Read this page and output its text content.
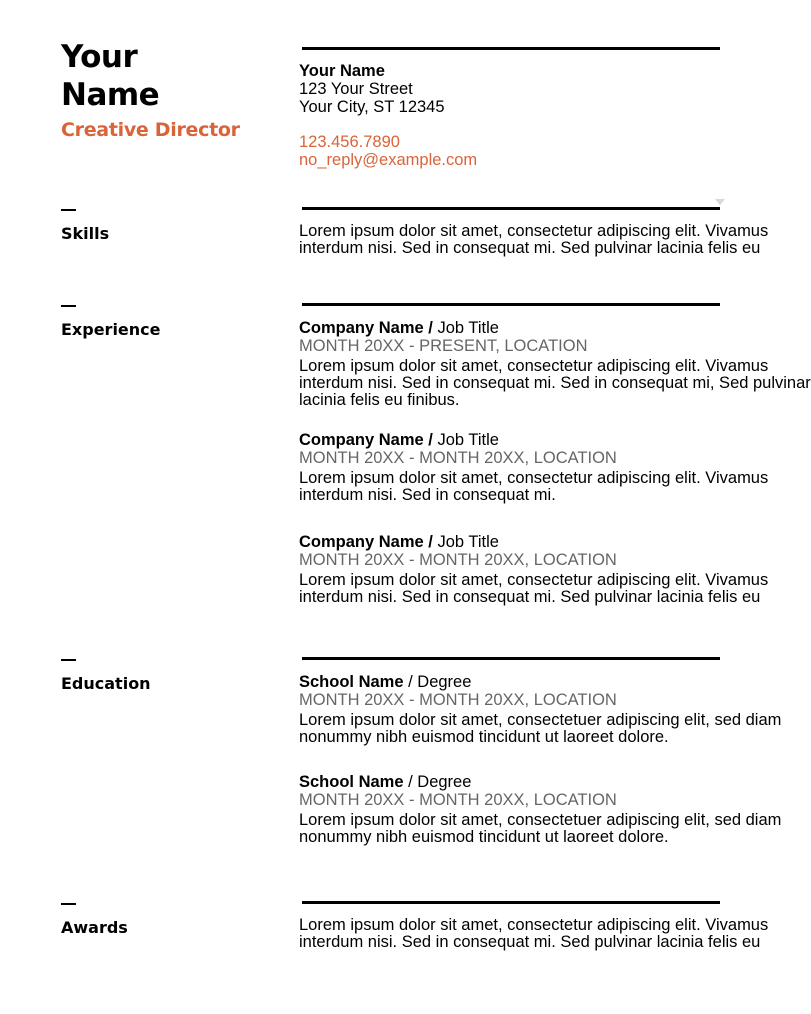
Your
Name
Creative Director
Your Name
123 Your Street
Your City, ST 12345
123.456.7890
no_reply@example.com
Skills	Lorem ipsum dolor sit amet, consectetur adipiscing elit. Vivamus
interdum nisi. Sed in consequat mi. Sed pulvinar lacinia felis eu
Experience	Company Name / Job Title
MONTH 20XX - PRESENT, LOCATION
Lorem ipsum dolor sit amet, consectetur adipiscing elit. Vivamus
interdum nisi. Sed in consequat mi. Sed in consequat mi, Sed pulvinar
lacinia felis eu finibus.
Company Name / Job Title
MONTH 20XX - MONTH 20XX, LOCATION
Lorem ipsum dolor sit amet, consectetur adipiscing elit. Vivamus
interdum nisi. Sed in consequat mi.
Company Name / Job Title
MONTH 20XX - MONTH 20XX, LOCATION
Lorem ipsum dolor sit amet, consectetur adipiscing elit. Vivamus
interdum nisi. Sed in consequat mi. Sed pulvinar lacinia felis eu
Education	School Name / Degree
MONTH 20XX - MONTH 20XX, LOCATION
Lorem ipsum dolor sit amet, consectetuer adipiscing elit, sed diam
nonummy nibh euismod tincidunt ut laoreet dolore.
School Name / Degree
MONTH 20XX - MONTH 20XX, LOCATION
Lorem ipsum dolor sit amet, consectetuer adipiscing elit, sed diam
nonummy nibh euismod tincidunt ut laoreet dolore.
Awards	Lorem ipsum dolor sit amet, consectetur adipiscing elit. Vivamus
interdum nisi. Sed in consequat mi. Sed pulvinar lacinia felis eu
